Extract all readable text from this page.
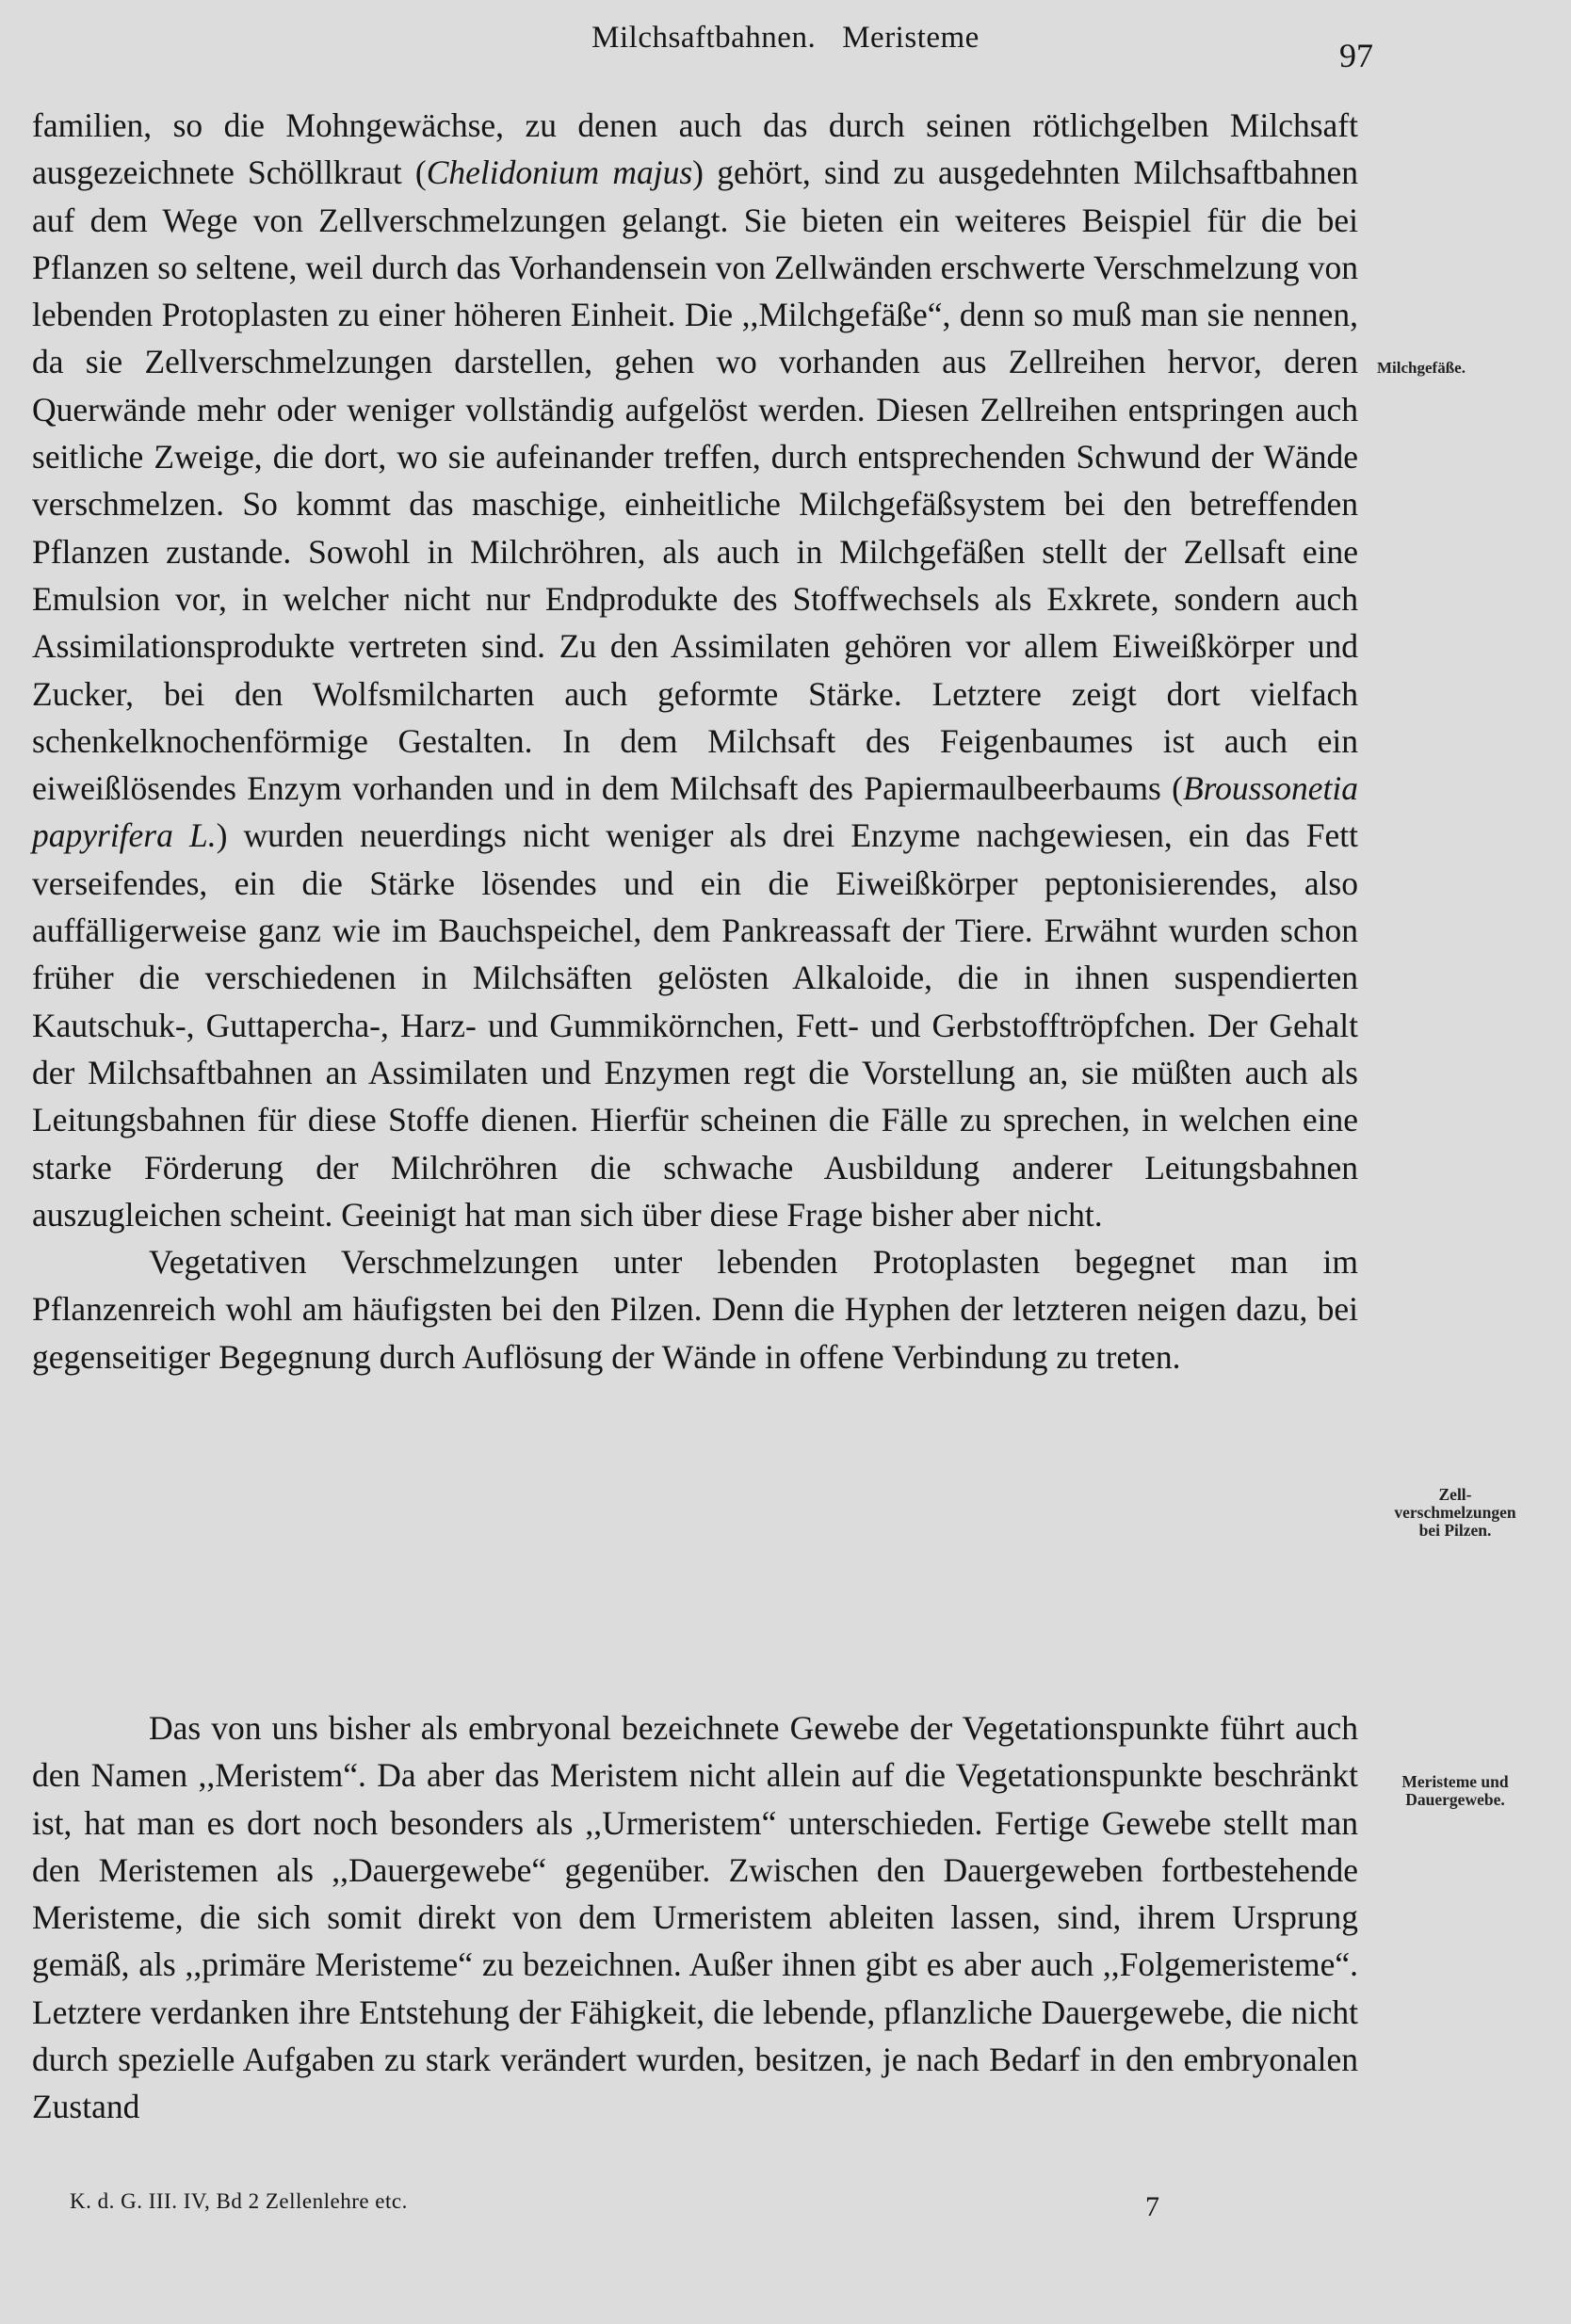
Milchsaftbahnen. Meristeme	97

familien, so die Mohngewächse, zu denen auch das durch seinen rötlichgelben Milchsaft ausgezeichnete Schöllkraut (Chelidonium majus) gehört, sind zu ausgedehnten Milchsaftbahnen auf dem Wege von Zellverschmelzungen gelangt. Sie bieten ein weiteres Beispiel für die bei Pflanzen so seltene, weil durch das Vorhandensein von Zellwänden erschwerte Verschmelzung von lebenden Protoplasten zu einer höheren Einheit. Die ,,Milchgefäße“, denn so muß man sie nennen, da sie Zellverschmelzungen darstellen, gehen wo vorhanden aus Zellreihen hervor, deren Querwände mehr oder weniger vollständig aufgelöst werden. Diesen Zellreihen entspringen auch seitliche Zweige, die dort, wo sie aufeinander treffen, durch entsprechenden Schwund der Wände verschmelzen. So kommt das maschige, einheitliche Milchgefäßsystem bei den betreffenden Pflanzen zustande. Sowohl in Milchröhren, als auch in Milchgefäßen stellt der Zellsaft eine Emulsion vor, in welcher nicht nur Endprodukte des Stoffwechsels als Exkrete, sondern auch Assimilationsprodukte vertreten sind. Zu den Assimilaten gehören vor allem Eiweißkörper und Zucker, bei den Wolfsmilcharten auch geformte Stärke. Letztere zeigt dort vielfach schenkelknochenförmige Gestalten. In dem Milchsaft des Feigenbaumes ist auch ein eiweißlösendes Enzym vorhanden und in dem Milchsaft des Papiermaulbeerbaums (Broussonetia papyrifera L.) wurden neuerdings nicht weniger als drei Enzyme nachgewiesen, ein das Fett verseifendes, ein die Stärke lösendes und ein die Eiweißkörper peptonisierendes, also auffälligerweise ganz wie im Bauchspeichel, dem Pankreassaft der Tiere. Erwähnt wurden schon früher die verschiedenen in Milchsäften gelösten Alkaloide, die in ihnen suspendierten Kautschuk-, Guttapercha-, Harz- und Gummikörnchen, Fett- und Gerbstofftröpfchen. Der Gehalt der Milchsaftbahnen an Assimilaten und Enzymen regt die Vorstellung an, sie müßten auch als Leitungsbahnen für diese Stoffe dienen. Hierfür scheinen die Fälle zu sprechen, in welchen eine starke Förderung der Milchröhren die schwache Ausbildung anderer Leitungsbahnen auszugleichen scheint. Geeinigt hat man sich über diese Frage bisher aber nicht.

Vegetativen Verschmelzungen unter lebenden Protoplasten begegnet man im Pflanzenreich wohl am häufigsten bei den Pilzen. Denn die Hyphen der letzteren neigen dazu, bei gegenseitiger Begegnung durch Auflösung der Wände in offene Verbindung zu treten.

Das von uns bisher als embryonal bezeichnete Gewebe der Vegetationspunkte führt auch den Namen ,,Meristem“. Da aber das Meristem nicht allein auf die Vegetationspunkte beschränkt ist, hat man es dort noch besonders als ,,Urmeristem“ unterschieden. Fertige Gewebe stellt man den Meristemen als ,,Dauergewebe“ gegenüber. Zwischen den Dauergeweben fortbestehende Meristeme, die sich somit direkt von dem Urmeristem ableiten lassen, sind, ihrem Ursprung gemäß, als ,,primäre Meristeme“ zu bezeichnen. Außer ihnen gibt es aber auch ,,Folgemeristeme“. Letztere verdanken ihre Entstehung der Fähigkeit, die lebende, pflanzliche Dauergewebe, die nicht durch spezielle Aufgaben zu stark verändert wurden, besitzen, je nach Bedarf in den embryonalen Zustand

Milchgefäße.
Zell-
verschmelzungen
bei Pilzen.
Meristeme und
Dauergewebe.
K. d. G. III. IV, Bd 2 Zellenlehre etc.	7
